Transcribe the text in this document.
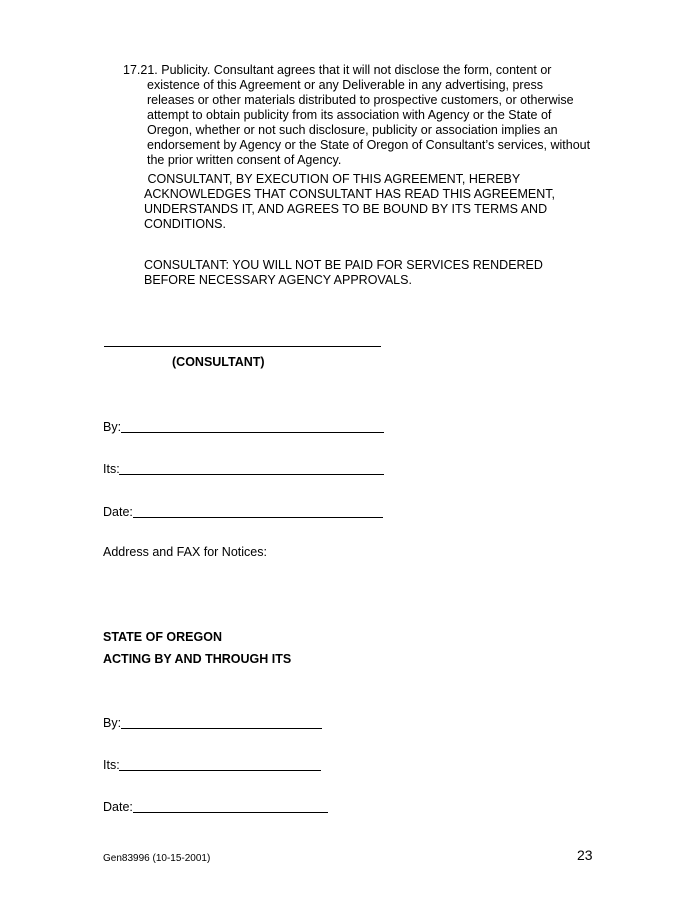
17.21. Publicity. Consultant agrees that it will not disclose the form, content or
existence of this Agreement or any Deliverable in any advertising, press
releases or other materials distributed to prospective customers, or otherwise
attempt to obtain publicity from its association with Agency or the State of
Oregon, whether or not such disclosure, publicity or association implies an
endorsement by Agency or the State of Oregon of Consultant’s services, without
the prior written consent of Agency.
CONSULTANT, BY EXECUTION OF THIS AGREEMENT, HEREBY
ACKNOWLEDGES THAT CONSULTANT HAS READ THIS AGREEMENT,
UNDERSTANDS IT, AND AGREES TO BE BOUND BY ITS TERMS AND
CONDITIONS.
CONSULTANT: YOU WILL NOT BE PAID FOR SERVICES RENDERED
BEFORE NECESSARY AGENCY APPROVALS.
(CONSULTANT)
By:
Its:
Date:
Address and FAX for Notices:
STATE OF OREGON
ACTING BY AND THROUGH ITS
By:
Its:
Date:
Gen83996 (10-15-2001)	23
